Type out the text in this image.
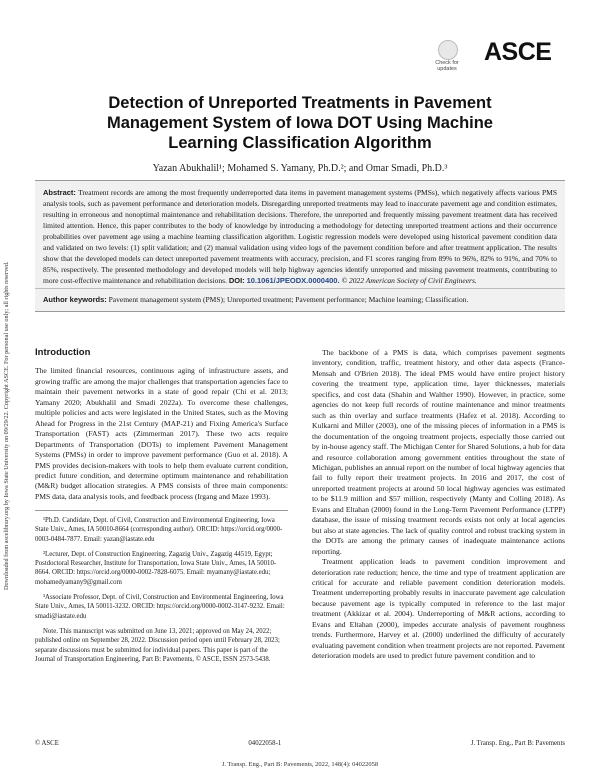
Downloaded from ascelibrary.org by Iowa State University on 09/29/22. Copyright ASCE. For personal use only; all rights reserved.
Check for
updates
ASCE
Detection of Unreported Treatments in Pavement Management System of Iowa DOT Using Machine Learning Classification Algorithm
Yazan Abukhalil¹; Mohamed S. Yamany, Ph.D.²; and Omar Smadi, Ph.D.³

Abstract: Treatment records are among the most frequently underreported data items in pavement management systems (PMSs), which negatively affects various PMS analysis tools, such as pavement performance and deterioration models. Disregarding unreported treatments may lead to inaccurate pavement age and condition estimates, resulting in erroneous and nonoptimal maintenance and rehabilitation decisions. Therefore, the unreported and frequently missing pavement treatment data has received limited attention. Hence, this paper contributes to the body of knowledge by introducing a methodology for detecting unreported treatment actions and their occurrence probabilities over pavement age using a machine learning classification algorithm. Logistic regression models were developed using historical pavement condition data and validated on two levels: (1) split validation; and (2) manual validation using video logs of the pavement condition before and after treatment application. The results show that the developed models can detect unreported pavement treatments with accuracy, precision, and F1 scores ranging from 89% to 96%, 82% to 91%, and 70% to 85%, respectively. The presented methodology and developed models will help highway agencies identify unreported and missing pavement treatments, contributing to more cost-effective maintenance and rehabilitation decisions. DOI: 10.1061/JPEODX.0000400. © 2022 American Society of Civil Engineers.

Author keywords: Pavement management system (PMS); Unreported treatment; Pavement performance; Machine learning; Classification.
Introduction

The limited financial resources, continuous aging of infrastructure assets, and growing traffic are among the major challenges that transportation agencies face to maintain their pavement networks in a state of good repair (Chi et al. 2013; Yamany 2020; Abukhalil and Smadi 2022a). To overcome these challenges, multiple policies and acts were legislated in the United States, such as the Moving Ahead for Progress in the 21st Century (MAP-21) and Fixing America's Surface Transportation (FAST) acts (Zimmerman 2017). These two acts require Departments of Transportation (DOTs) to implement Pavement Management Systems (PMSs) in order to improve pavement performance (Guo et al. 2018). A PMS provides decision-makers with tools to help them evaluate current condition, predict future condition, and determine optimum maintenance and rehabilitation (M&R) budget allocation strategies. A PMS consists of three main components: PMS data, data analysis tools, and feedback process (Irgang and Maze 1993).

¹Ph.D. Candidate, Dept. of Civil, Construction and Environmental Engineering, Iowa State Univ., Ames, IA 50010-8664 (corresponding author). ORCID: https://orcid.org/0000-0003-0484-7877. Email: yazan@iastate.edu

²Lecturer, Dept. of Construction Engineering, Zagazig Univ., Zagazig 44519, Egypt; Postdoctoral Researcher, Institute for Transportation, Iowa State Univ., Ames, IA 50010-8664. ORCID: https://orcid.org/0000-0002-7828-6075. Email: myamany@iastate.edu; mohamedyamany9@gmail.com

³Associate Professor, Dept. of Civil, Construction and Environmental Engineering, Iowa State Univ., Ames, IA 50011-3232. ORCID: https://orcid.org/0000-0002-3147-9232. Email: smadi@iastate.edu

Note. This manuscript was submitted on June 13, 2021; approved on May 24, 2022; published online on September 28, 2022. Discussion period open until February 28, 2023; separate discussions must be submitted for individual papers. This paper is part of the Journal of Transportation Engineering, Part B: Pavements, © ASCE, ISSN 2573-5438.

The backbone of a PMS is data, which comprises pavement segments inventory, condition, traffic, treatment history, and other data aspects (France-Mensah and O'Brien 2018). The ideal PMS would have entire project history covering the treatment type, application time, layer thicknesses, materials specifics, and cost data (Shahin and Walther 1990). However, in practice, some agencies do not keep full records of routine maintenance and minor treatments such as thin overlay and surface treatments (Hafez et al. 2018). According to Kulkarni and Miller (2003), one of the missing pieces of information in a PMS is the documentation of the ongoing treatment projects, especially those carried out by in-house agency staff. The Michigan Center for Shared Solutions, a hub for data and resource collaboration among government entities throughout the state of Michigan, publishes an annual report on the number of local highway agencies that fail to fully report their treatment projects. In 2016 and 2017, the cost of unreported treatment projects at around 50 local highway agencies was estimated to be $11.9 million and $57 million, respectively (Manty and Colling 2018). As Evans and Eltahan (2000) found in the Long-Term Pavement Performance (LTPP) database, the issue of missing treatment records exists not only at local agencies but also at state agencies. The lack of quality control and robust tracking system in the DOTs are among the primary causes of inadequate maintenance actions reporting.

Treatment application leads to pavement condition improvement and deterioration rate reduction; hence, the time and type of treatment application are critical for accurate and reliable pavement condition deterioration models. Treatment underreporting probably results in inaccurate pavement age calculation because pavement age is typically computed in reference to the last major treatment (Akkizar et al. 2004). Underreporting of M&R actions, according to Evans and Eltahan (2000), impedes accurate analysis of pavement roughness trends. Furthermore, Harvey et al. (2000) underlined the difficulty of accurately evaluating pavement condition when treatment projects are not reported. Pavement deterioration models are used to predict future pavement condition and to

© ASCE	04022058-1	J. Transp. Eng., Part B: Pavements
J. Transp. Eng., Part B: Pavements, 2022, 148(4): 04022058
